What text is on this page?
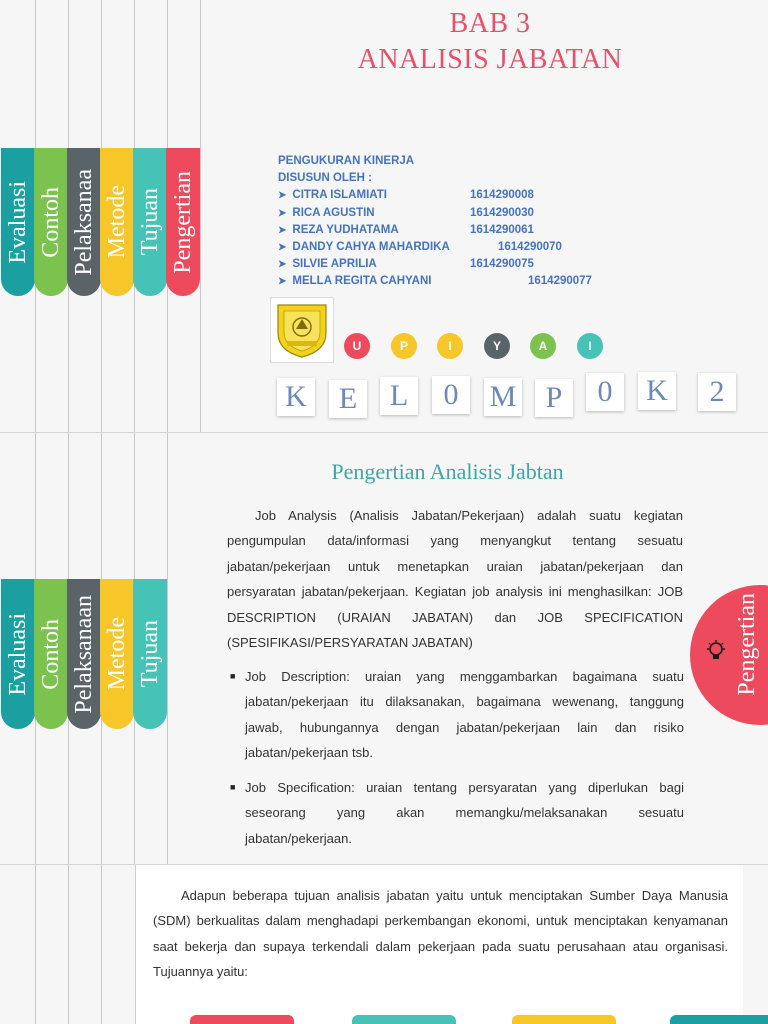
Evaluasi Contoh Pelaksanaa Metode Tujuan Pengertian
BAB 3
ANALISIS JABATAN
PENGUKURAN KINERJA
DISUSUN OLEH :
➤ CITRA ISLAMIATI	1614290008
➤ RICA AGUSTIN	1614290030
➤ REZA YUDHATAMA	1614290061
➤ DANDY CAHYA MAHARDIKA	1614290070
➤ SILVIE APRILIA	1614290075
➤ MELLA REGITA CAHYANI	1614290077
U	P	I	Y	A	I
K	E	L	0	M P	0	K	2
Evaluasi Contoh Pelaksanaan Metode Tujuan
Pengertian Analisis Jabtan

Job Analysis (Analisis Jabatan/Pekerjaan) adalah suatu kegiatan pengumpulan data/informasi yang menyangkut tentang sesuatu jabatan/pekerjaan untuk menetapkan uraian jabatan/pekerjaan dan persyaratan jabatan/pekerjaan. Kegiatan job analysis ini menghasilkan: JOB DESCRIPTION (URAIAN JABATAN) dan JOB SPECIFICATION (SPESIFIKASI/PERSYARATAN JABATAN)

■ Job Description: uraian yang menggambarkan bagaimana suatu jabatan/pekerjaan itu dilaksanakan, bagaimana wewenang, tanggung jawab, hubungannya dengan jabatan/pekerjaan lain dan risiko jabatan/pekerjaan tsb.
■ Job Specification: uraian tentang persyaratan yang diperlukan bagi seseorang yang akan memangku/melaksanakan sesuatu jabatan/pekerjaan.
Pengertian

Adapun beberapa tujuan analisis jabatan yaitu untuk menciptakan Sumber Daya Manusia (SDM) berkualitas dalam menghadapi perkembangan ekonomi, untuk menciptakan kenyamanan saat bekerja dan supaya terkendali dalam pekerjaan pada suatu perusahaan atau organisasi. Tujuannya yaitu:
